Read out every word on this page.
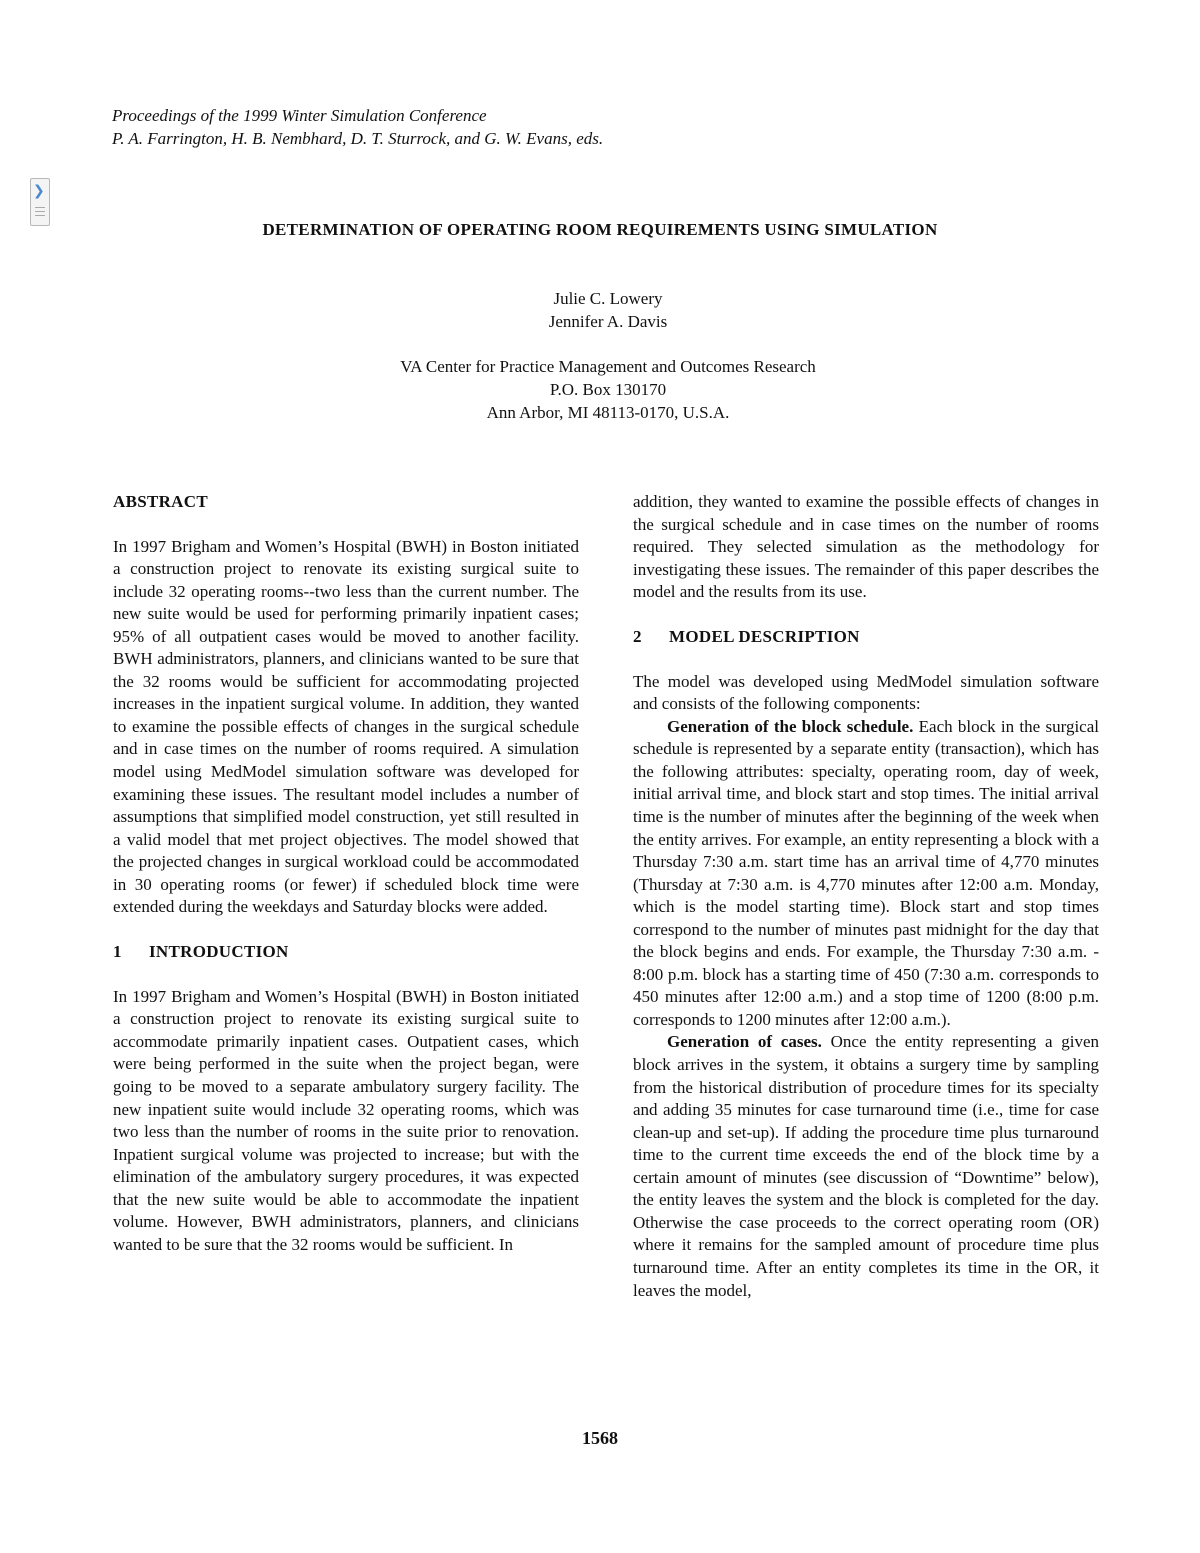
Proceedings of the 1999 Winter Simulation Conference
P. A. Farrington, H. B. Nembhard, D. T. Sturrock, and G. W. Evans, eds.
❯
DETERMINATION OF OPERATING ROOM REQUIREMENTS USING SIMULATION
Julie C. Lowery
Jennifer A. Davis
VA Center for Practice Management and Outcomes Research
P.O. Box 130170
Ann Arbor, MI 48113-0170, U.S.A.
ABSTRACT

In 1997 Brigham and Women’s Hospital (BWH) in Boston initiated a construction project to renovate its existing surgical suite to include 32 operating rooms--two less than the current number. The new suite would be used for performing primarily inpatient cases; 95% of all outpatient cases would be moved to another facility. BWH administrators, planners, and clinicians wanted to be sure that the 32 rooms would be sufficient for accommodating projected increases in the inpatient surgical volume. In addition, they wanted to examine the possible effects of changes in the surgical schedule and in case times on the number of rooms required. A simulation model using MedModel simulation software was developed for examining these issues. The resultant model includes a number of assumptions that simplified model construction, yet still resulted in a valid model that met project objectives. The model showed that the projected changes in surgical workload could be accommodated in 30 operating rooms (or fewer) if scheduled block time were extended during the weekdays and Saturday blocks were added.

1 INTRODUCTION

In 1997 Brigham and Women’s Hospital (BWH) in Boston initiated a construction project to renovate its existing surgical suite to accommodate primarily inpatient cases. Outpatient cases, which were being performed in the suite when the project began, were going to be moved to a separate ambulatory surgery facility. The new inpatient suite would include 32 operating rooms, which was two less than the number of rooms in the suite prior to renovation. Inpatient surgical volume was projected to increase; but with the elimination of the ambulatory surgery procedures, it was expected that the new suite would be able to accommodate the inpatient volume. However, BWH administrators, planners, and clinicians wanted to be sure that the 32 rooms would be sufficient. In

addition, they wanted to examine the possible effects of changes in the surgical schedule and in case times on the number of rooms required. They selected simulation as the methodology for investigating these issues. The remainder of this paper describes the model and the results from its use.

2 MODEL DESCRIPTION

The model was developed using MedModel simulation software and consists of the following components:

Generation of the block schedule. Each block in the surgical schedule is represented by a separate entity (transaction), which has the following attributes: specialty, operating room, day of week, initial arrival time, and block start and stop times. The initial arrival time is the number of minutes after the beginning of the week when the entity arrives. For example, an entity representing a block with a Thursday 7:30 a.m. start time has an arrival time of 4,770 minutes (Thursday at 7:30 a.m. is 4,770 minutes after 12:00 a.m. Monday, which is the model starting time). Block start and stop times correspond to the number of minutes past midnight for the day that the block begins and ends. For example, the Thursday 7:30 a.m. - 8:00 p.m. block has a starting time of 450 (7:30 a.m. corresponds to 450 minutes after 12:00 a.m.) and a stop time of 1200 (8:00 p.m. corresponds to 1200 minutes after 12:00 a.m.).

Generation of cases. Once the entity representing a given block arrives in the system, it obtains a surgery time by sampling from the historical distribution of procedure times for its specialty and adding 35 minutes for case turnaround time (i.e., time for case clean-up and set-up). If adding the procedure time plus turnaround time to the current time exceeds the end of the block time by a certain amount of minutes (see discussion of “Downtime” below), the entity leaves the system and the block is completed for the day. Otherwise the case proceeds to the correct operating room (OR) where it remains for the sampled amount of procedure time plus turnaround time. After an entity completes its time in the OR, it leaves the model,

1568
